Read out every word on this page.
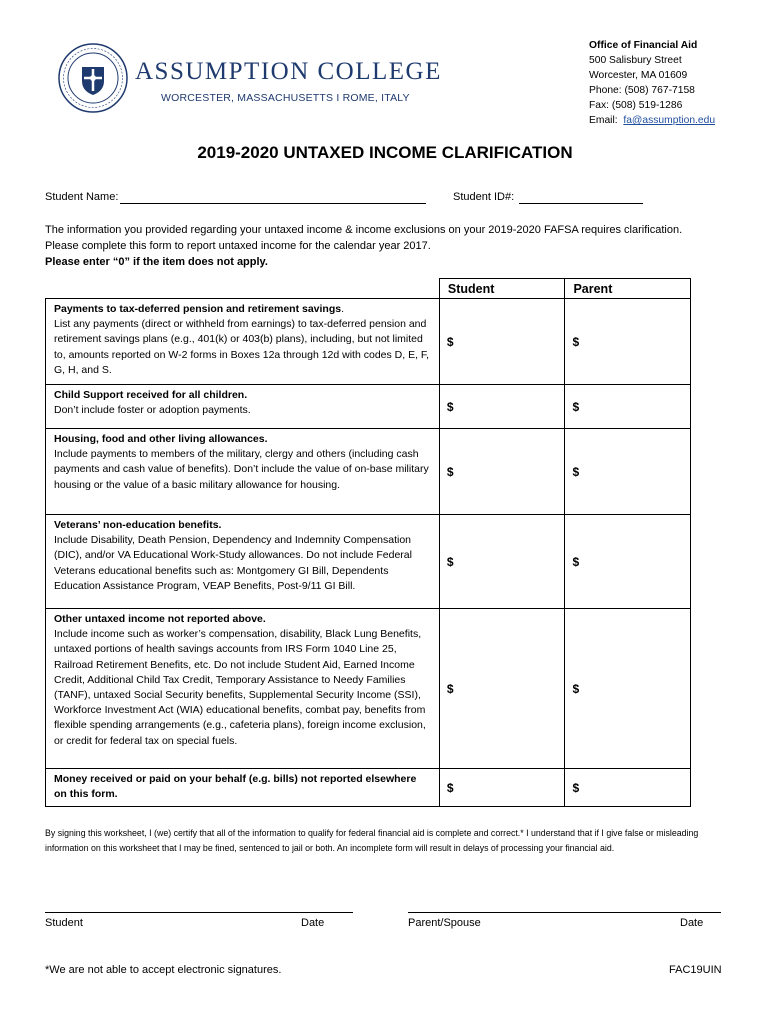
ASSUMPTION COLLEGE
WORCESTER, MASSACHUSETTS I ROME, ITALY
Office of Financial Aid
500 Salisbury Street
Worcester, MA 01609
Phone: (508) 767-7158
Fax: (508) 519-1286
Email: fa@assumption.edu
2019-2020 UNTAXED INCOME CLARIFICATION
Student Name:	Student ID#:
The information you provided regarding your untaxed income & income exclusions on your 2019-2020 FAFSA requires clarification. Please complete this form to report untaxed income for the calendar year 2017.
Please enter “0” if the item does not apply.
	Student	Parent
Payments to tax-deferred pension and retirement savings.
List any payments (direct or withheld from earnings) to tax-deferred pension and retirement savings plans (e.g., 401(k) or 403(b) plans), including, but not limited to, amounts reported on W-2 forms in Boxes 12a through 12d with codes D, E, F, G, H, and S.	$	$
Child Support received for all children.
Don’t include foster or adoption payments.	$	$
Housing, food and other living allowances.
Include payments to members of the military, clergy and others (including cash payments and cash value of benefits). Don’t include the value of on-base military housing or the value of a basic military allowance for housing.	$	$
Veterans’ non-education benefits.
Include Disability, Death Pension, Dependency and Indemnity Compensation (DIC), and/or VA Educational Work-Study allowances. Do not include Federal Veterans educational benefits such as: Montgomery GI Bill, Dependents Education Assistance Program, VEAP Benefits, Post-9/11 GI Bill.	$	$
Other untaxed income not reported above.
Include income such as worker’s compensation, disability, Black Lung Benefits, untaxed portions of health savings accounts from IRS Form 1040 Line 25, Railroad Retirement Benefits, etc. Do not include Student Aid, Earned Income Credit, Additional Child Tax Credit, Temporary Assistance to Needy Families (TANF), untaxed Social Security benefits, Supplemental Security Income (SSI), Workforce Investment Act (WIA) educational benefits, combat pay, benefits from flexible spending arrangements (e.g., cafeteria plans), foreign income exclusion, or credit for federal tax on special fuels.	$	$
Money received or paid on your behalf (e.g. bills) not reported elsewhere on this form.	$	$
By signing this worksheet, I (we) certify that all of the information to qualify for federal financial aid is complete and correct.* I understand that if I give false or misleading information on this worksheet that I may be fined, sentenced to jail or both. An incomplete form will result in delays of processing your financial aid.
Student	Date	Parent/Spouse	Date
*We are not able to accept electronic signatures.	FAC19UIN
